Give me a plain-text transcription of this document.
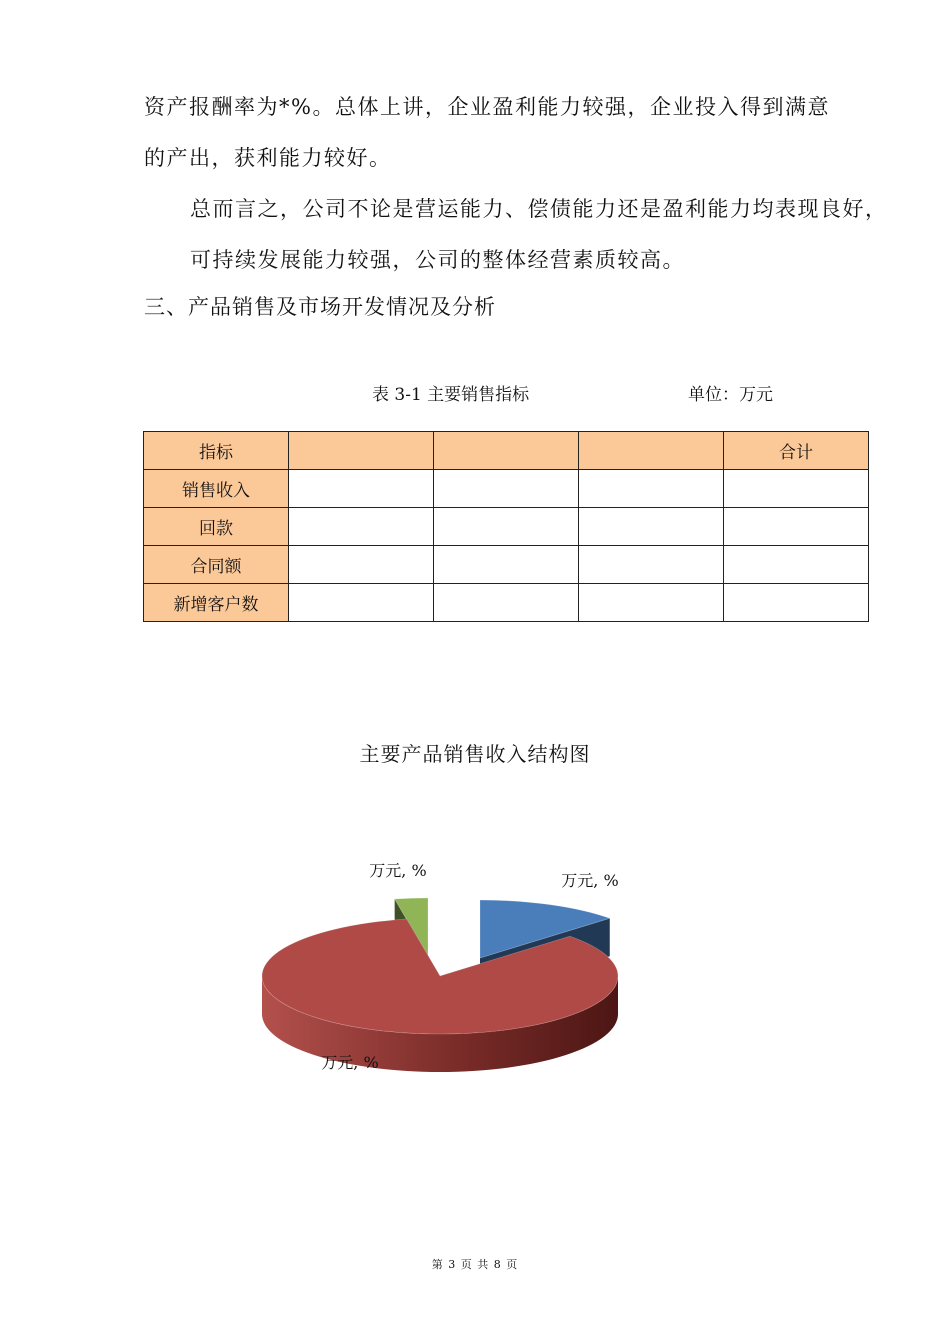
资产报酬率为*%。总体上讲，企业盈利能力较强，企业投入得到满意的产出，获利能力较好。
总而言之，公司不论是营运能力、偿债能力还是盈利能力均表现良好，可持续发展能力较强，公司的整体经营素质较高。
三、产品销售及市场开发情况及分析
表 3-1 主要销售指标	单位：万元
指标				合计
销售收入				
回款				
合同额				
新增客户数				
主要产品销售收入结构图
万元, %
万元, %
万元, %
第 3 页 共 8 页
